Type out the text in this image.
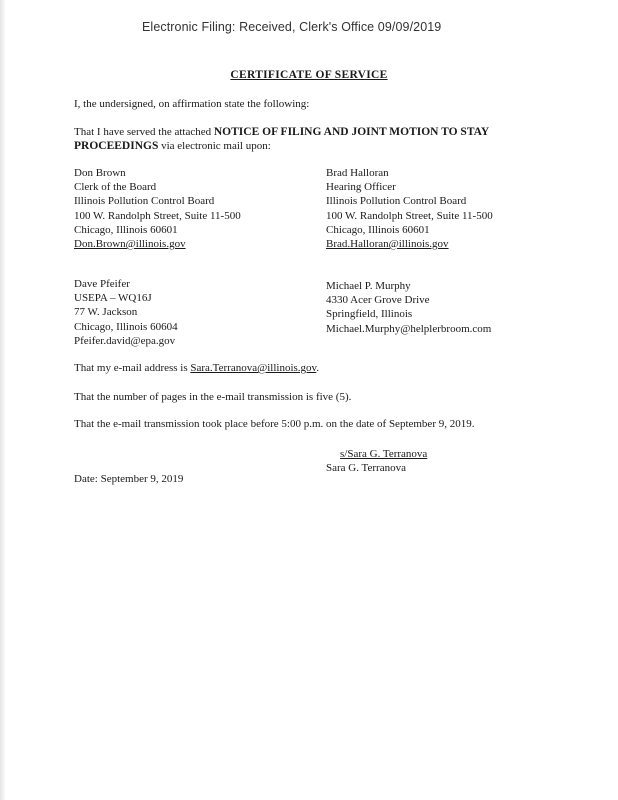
Electronic Filing: Received, Clerk's Office 09/09/2019
CERTIFICATE OF SERVICE
I, the undersigned, on affirmation state the following:
That I have served the attached NOTICE OF FILING AND JOINT MOTION TO STAY PROCEEDINGS via electronic mail upon:
Don Brown
Clerk of the Board
Illinois Pollution Control Board
100 W. Randolph Street, Suite 11-500
Chicago, Illinois 60601
Don.Brown@illinois.gov
Brad Halloran
Hearing Officer
Illinois Pollution Control Board
100 W. Randolph Street, Suite 11-500
Chicago, Illinois 60601
Brad.Halloran@illinois.gov
Dave Pfeifer
USEPA – WQ16J
77 W. Jackson
Chicago, Illinois 60604
Pfeifer.david@epa.gov
Michael P. Murphy
4330 Acer Grove Drive
Springfield, Illinois
Michael.Murphy@helplerbroom.com
That my e-mail address is Sara.Terranova@illinois.gov.
That the number of pages in the e-mail transmission is five (5).
That the e-mail transmission took place before 5:00 p.m. on the date of September 9, 2019.
s/Sara G. Terranova
Sara G. Terranova
Date: September 9, 2019
